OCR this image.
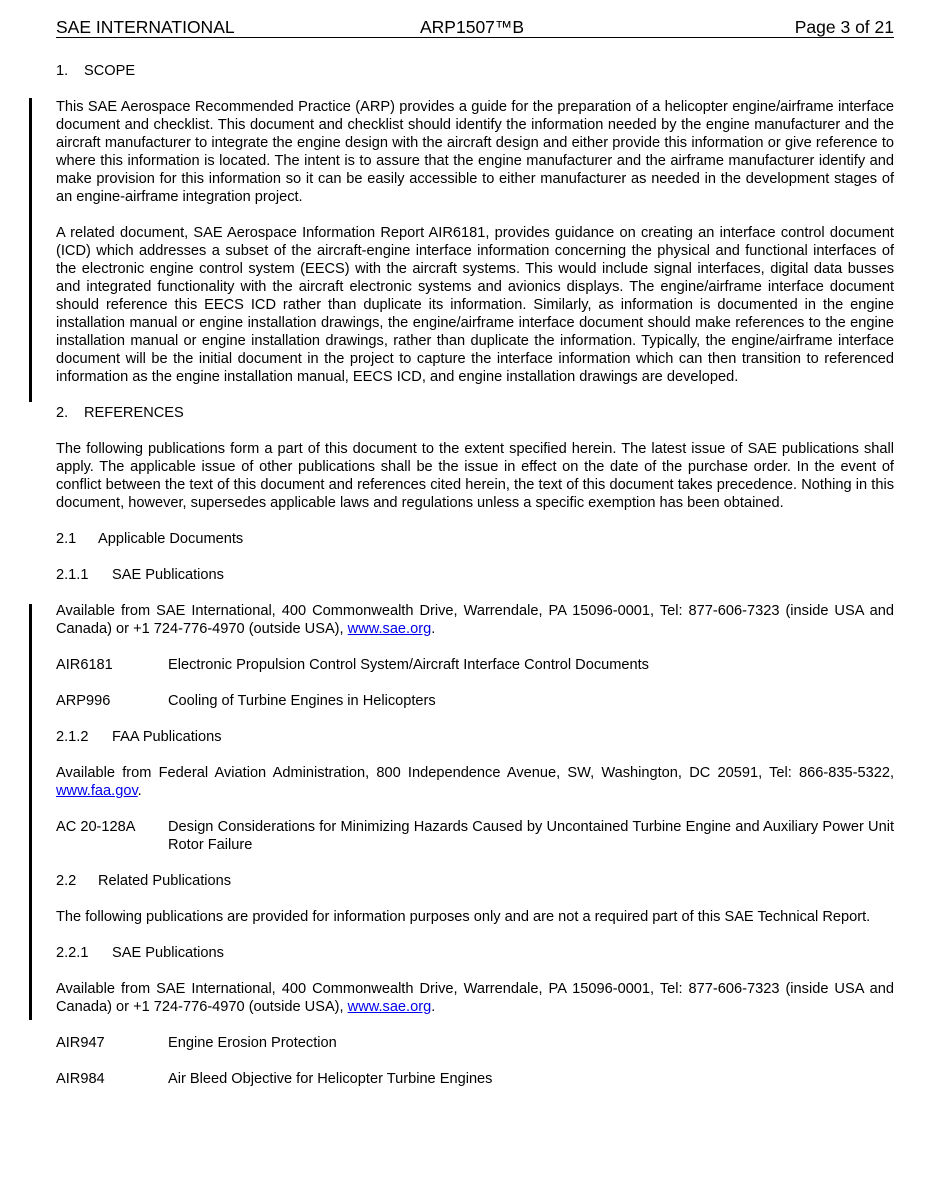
SAE INTERNATIONAL	ARP1507™B	Page 3 of 21
1. SCOPE

This SAE Aerospace Recommended Practice (ARP) provides a guide for the preparation of a helicopter engine/airframe interface document and checklist. This document and checklist should identify the information needed by the engine manufacturer and the aircraft manufacturer to integrate the engine design with the aircraft design and either provide this information or give reference to where this information is located. The intent is to assure that the engine manufacturer and the airframe manufacturer identify and make provision for this information so it can be easily accessible to either manufacturer as needed in the development stages of an engine-airframe integration project.

A related document, SAE Aerospace Information Report AIR6181, provides guidance on creating an interface control document (ICD) which addresses a subset of the aircraft-engine interface information concerning the physical and functional interfaces of the electronic engine control system (EECS) with the aircraft systems. This would include signal interfaces, digital data busses and integrated functionality with the aircraft electronic systems and avionics displays. The engine/airframe interface document should reference this EECS ICD rather than duplicate its information. Similarly, as information is documented in the engine installation manual or engine installation drawings, the engine/airframe interface document should make references to the engine installation manual or engine installation drawings, rather than duplicate the information. Typically, the engine/airframe interface document will be the initial document in the project to capture the interface information which can then transition to referenced information as the engine installation manual, EECS ICD, and engine installation drawings are developed.

2. REFERENCES

The following publications form a part of this document to the extent specified herein. The latest issue of SAE publications shall apply. The applicable issue of other publications shall be the issue in effect on the date of the purchase order. In the event of conflict between the text of this document and references cited herein, the text of this document takes precedence. Nothing in this document, however, supersedes applicable laws and regulations unless a specific exemption has been obtained.

2.1 Applicable Documents
2.1.1 SAE Publications

Available from SAE International, 400 Commonwealth Drive, Warrendale, PA 15096-0001, Tel: 877-606-7323 (inside USA and Canada) or +1 724-776-4970 (outside USA), www.sae.org.

AIR6181	Electronic Propulsion Control System/Aircraft Interface Control Documents
ARP996	Cooling of Turbine Engines in Helicopters
2.1.2 FAA Publications

Available from Federal Aviation Administration, 800 Independence Avenue, SW, Washington, DC 20591, Tel: 866-835-5322, www.faa.gov.

AC 20-128A	Design Considerations for Minimizing Hazards Caused by Uncontained Turbine Engine and Auxiliary Power Unit Rotor Failure
2.2 Related Publications

The following publications are provided for information purposes only and are not a required part of this SAE Technical Report.

2.2.1 SAE Publications

Available from SAE International, 400 Commonwealth Drive, Warrendale, PA 15096-0001, Tel: 877-606-7323 (inside USA and Canada) or +1 724-776-4970 (outside USA), www.sae.org.

AIR947	Engine Erosion Protection
AIR984	Air Bleed Objective for Helicopter Turbine Engines
